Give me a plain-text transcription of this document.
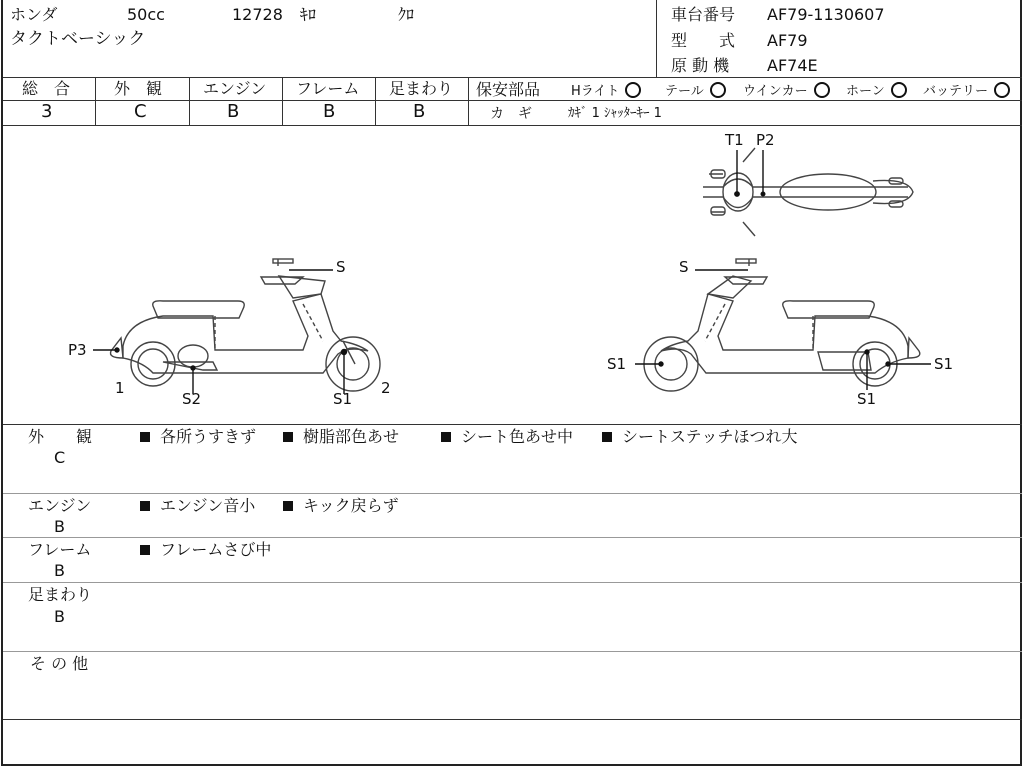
ホンダ	50cc	12728 ｷﾛ	ｸﾛ
タクトベーシック
車台番号 AF79-1130607
型　　式 AF79
原 動 機 AF74E
総　合
3
外　観
C
エンジン
B
フレーム
B
足まわり
B
保安部品 Hライト	テール	ウインカー	ホーン	バッテリー
カ　ギ	ｶｷﾞ 1 ｼｬｯﾀｰｷｰ 1
S
P3
1
S2	S1
2
T1 P2
S
S1	S1
S1
外　　観
C
各所うすきず	樹脂部色あせ	シート色あせ中	シートステッチほつれ大
エンジン
B
エンジン音小	キック戻らず
フレーム
B
フレームさび中
足まわり
B
そ の 他
